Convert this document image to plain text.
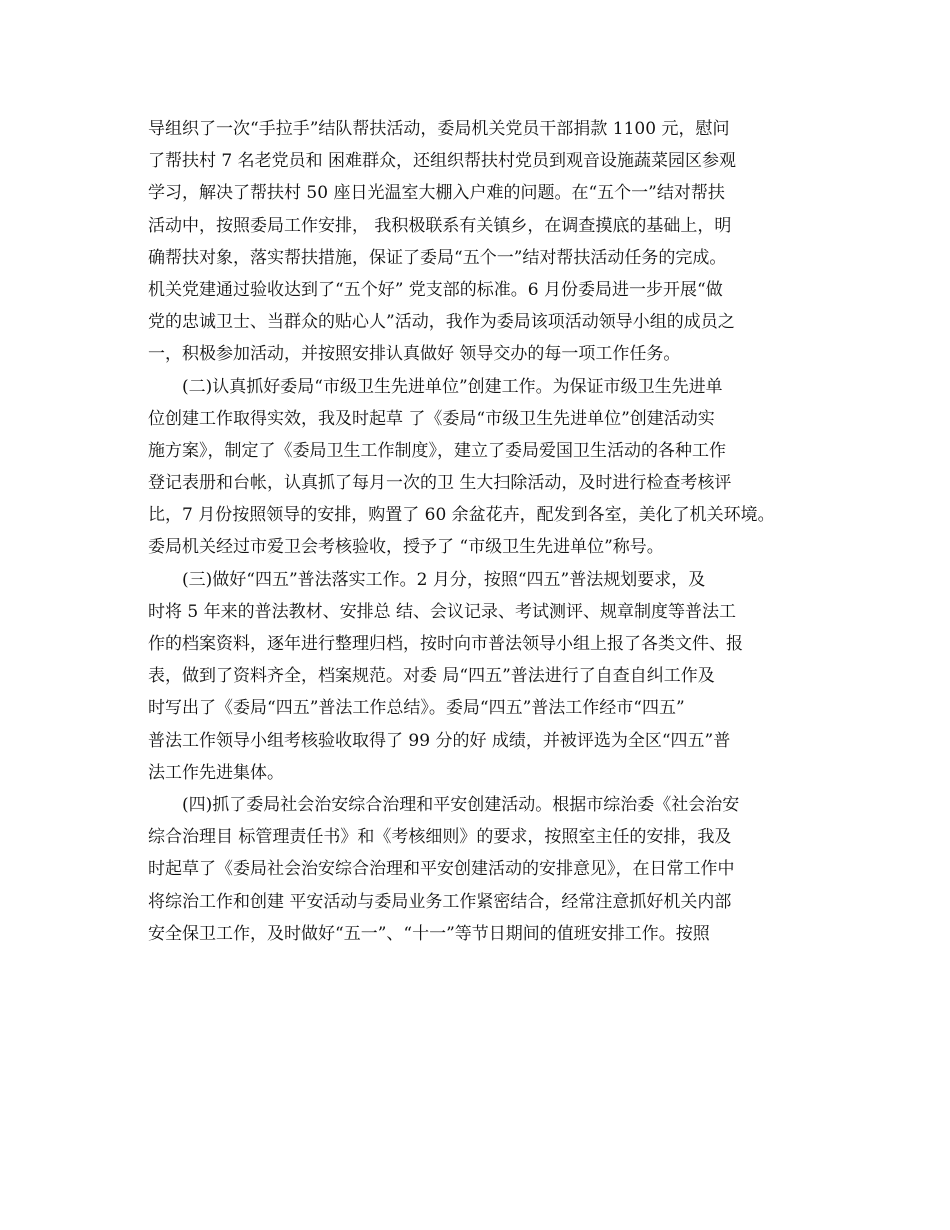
导组织了一次“手拉手”结队帮扶活动，委局机关党员干部捐款 1100 元，慰问
了帮扶村 7 名老党员和 困难群众，还组织帮扶村党员到观音设施蔬菜园区参观
学习，解决了帮扶村 50 座日光温室大棚入户难的问题。在“五个一”结对帮扶
活动中，按照委局工作安排， 我积极联系有关镇乡，在调查摸底的基础上，明
确帮扶对象，落实帮扶措施，保证了委局“五个一”结对帮扶活动任务的完成。
机关党建通过验收达到了“五个好” 党支部的标准。6 月份委局进一步开展“做
党的忠诚卫士、当群众的贴心人”活动，我作为委局该项活动领导小组的成员之
一，积极参加活动，并按照安排认真做好 领导交办的每一项工作任务。
(二)认真抓好委局“市级卫生先进单位”创建工作。为保证市级卫生先进单
位创建工作取得实效，我及时起草 了《委局“市级卫生先进单位”创建活动实
施方案》，制定了《委局卫生工作制度》，建立了委局爱国卫生活动的各种工作
登记表册和台帐，认真抓了每月一次的卫 生大扫除活动，及时进行检查考核评
比，7 月份按照领导的安排，购置了 60 余盆花卉，配发到各室，美化了机关环境。
委局机关经过市爱卫会考核验收，授予了 “市级卫生先进单位”称号。
(三)做好“四五”普法落实工作。2 月分，按照“四五”普法规划要求，及
时将 5 年来的普法教材、安排总 结、会议记录、考试测评、规章制度等普法工
作的档案资料，逐年进行整理归档，按时向市普法领导小组上报了各类文件、报
表，做到了资料齐全，档案规范。对委 局“四五”普法进行了自查自纠工作及
时写出了《委局“四五”普法工作总结》。委局“四五”普法工作经市“四五”
普法工作领导小组考核验收取得了 99 分的好 成绩，并被评选为全区“四五”普
法工作先进集体。
(四)抓了委局社会治安综合治理和平安创建活动。根据市综治委《社会治安
综合治理目 标管理责任书》和《考核细则》的要求，按照室主任的安排，我及
时起草了《委局社会治安综合治理和平安创建活动的安排意见》，在日常工作中
将综治工作和创建 平安活动与委局业务工作紧密结合，经常注意抓好机关内部
安全保卫工作，及时做好“五一”、“十一”等节日期间的值班安排工作。按照
